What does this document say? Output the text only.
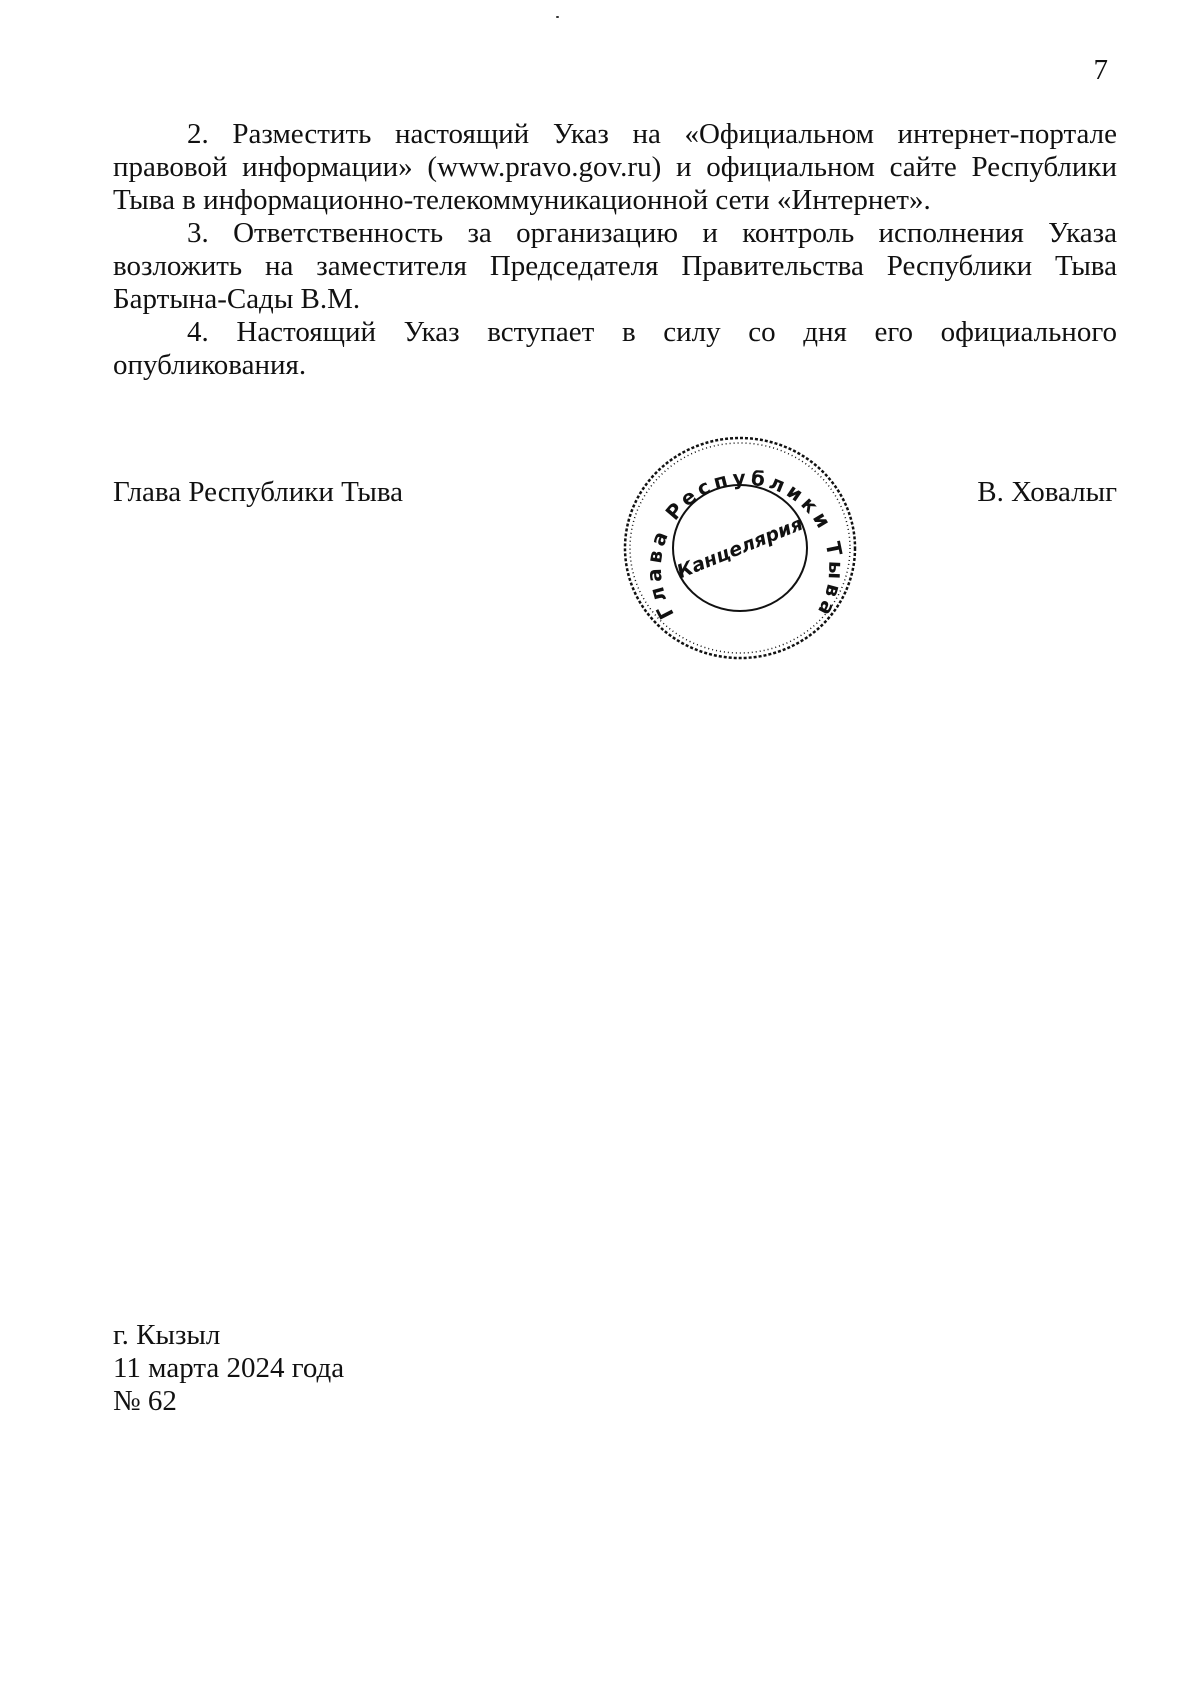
7

2. Разместить настоящий Указ на «Официальном интернет-портале правовой информации» (www.pravo.gov.ru) и официальном сайте Республики Тыва в информационно-телекоммуникационной сети «Интернет».

3. Ответственность за организацию и контроль исполнения Указа возложить на заместителя Председателя Правительства Республики Тыва Бартына-Сады В.М.

4. Настоящий Указ вступает в силу со дня его официального опубликования.

Глава Республики Тыва	В. Ховалыг
Глава Республики Тыва
Канцелярия
г. Кызыл
11 марта 2024 года
№ 62
